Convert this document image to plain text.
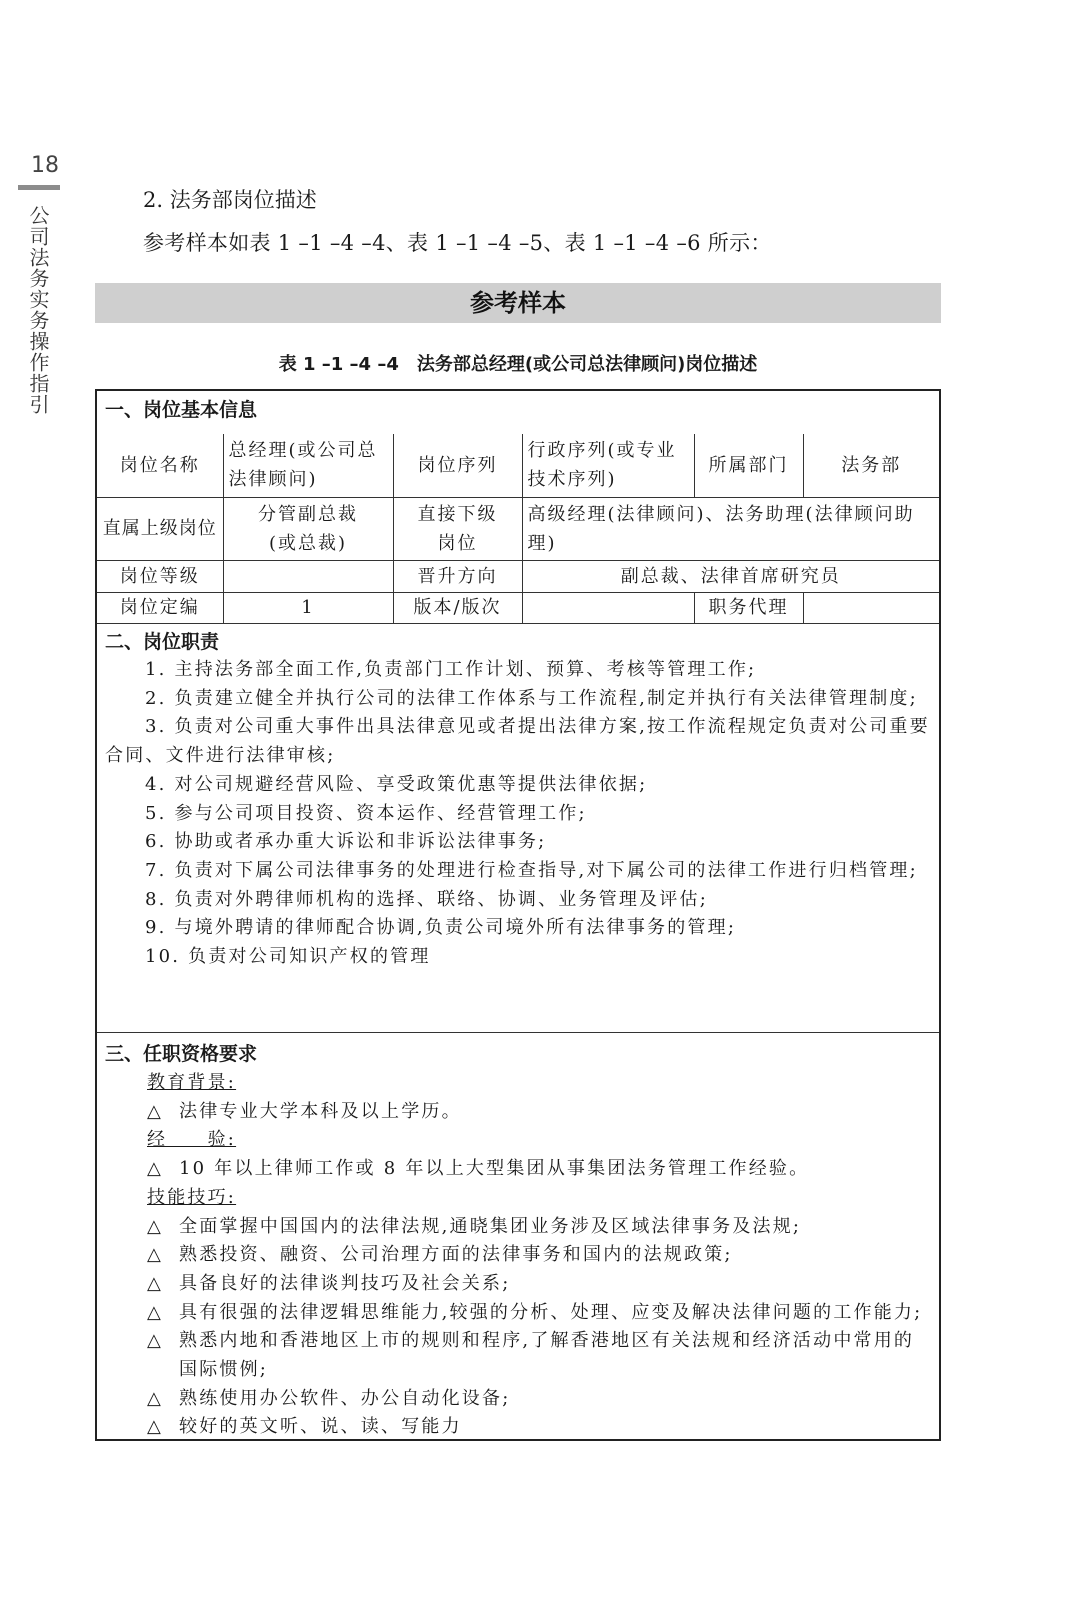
18
公司法务实务操作指引
2. 法务部岗位描述
参考样本如表 1 –1 –4 –4、表 1 –1 –4 –5、表 1 –1 –4 –6 所示：
参考样本
表 1 –1 –4 –4　法务部总经理(或公司总法律顾问)岗位描述
一、岗位基本信息
岗位名称	总经理(或公司总法律顾问)	岗位序列	行政序列(或专业技术序列)	所属部门	法务部
直属上级岗位	分管副总裁(或总裁)	直接下级岗位	高级经理(法律顾问)、法务助理(法律顾问助理)		
岗位等级		晋升方向	副总裁、法律首席研究员		
岗位定编	1	版本/版次		职务代理	
二、岗位职责
1. 主持法务部全面工作,负责部门工作计划、预算、考核等管理工作;
2. 负责建立健全并执行公司的法律工作体系与工作流程,制定并执行有关法律管理制度;
3. 负责对公司重大事件出具法律意见或者提出法律方案,按工作流程规定负责对公司重要合同、文件进行法律审核;
4. 对公司规避经营风险、享受政策优惠等提供法律依据;
5. 参与公司项目投资、资本运作、经营管理工作;
6. 协助或者承办重大诉讼和非诉讼法律事务;
7. 负责对下属公司法律事务的处理进行检查指导,对下属公司的法律工作进行归档管理;
8. 负责对外聘律师机构的选择、联络、协调、业务管理及评估;
9. 与境外聘请的律师配合协调,负责公司境外所有法律事务的管理;
10. 负责对公司知识产权的管理
三、任职资格要求
教育背景:
△ 法律专业大学本科及以上学历。
经　　验:
△ 10 年以上律师工作或 8 年以上大型集团从事集团法务管理工作经验。
技能技巧:
△ 全面掌握中国国内的法律法规,通晓集团业务涉及区域法律事务及法规;
△ 熟悉投资、融资、公司治理方面的法律事务和国内的法规政策;
△ 具备良好的法律谈判技巧及社会关系;
△ 具有很强的法律逻辑思维能力,较强的分析、处理、应变及解决法律问题的工作能力;
△ 熟悉内地和香港地区上市的规则和程序,了解香港地区有关法规和经济活动中常用的国际惯例;
△ 熟练使用办公软件、办公自动化设备;
△ 较好的英文听、说、读、写能力
